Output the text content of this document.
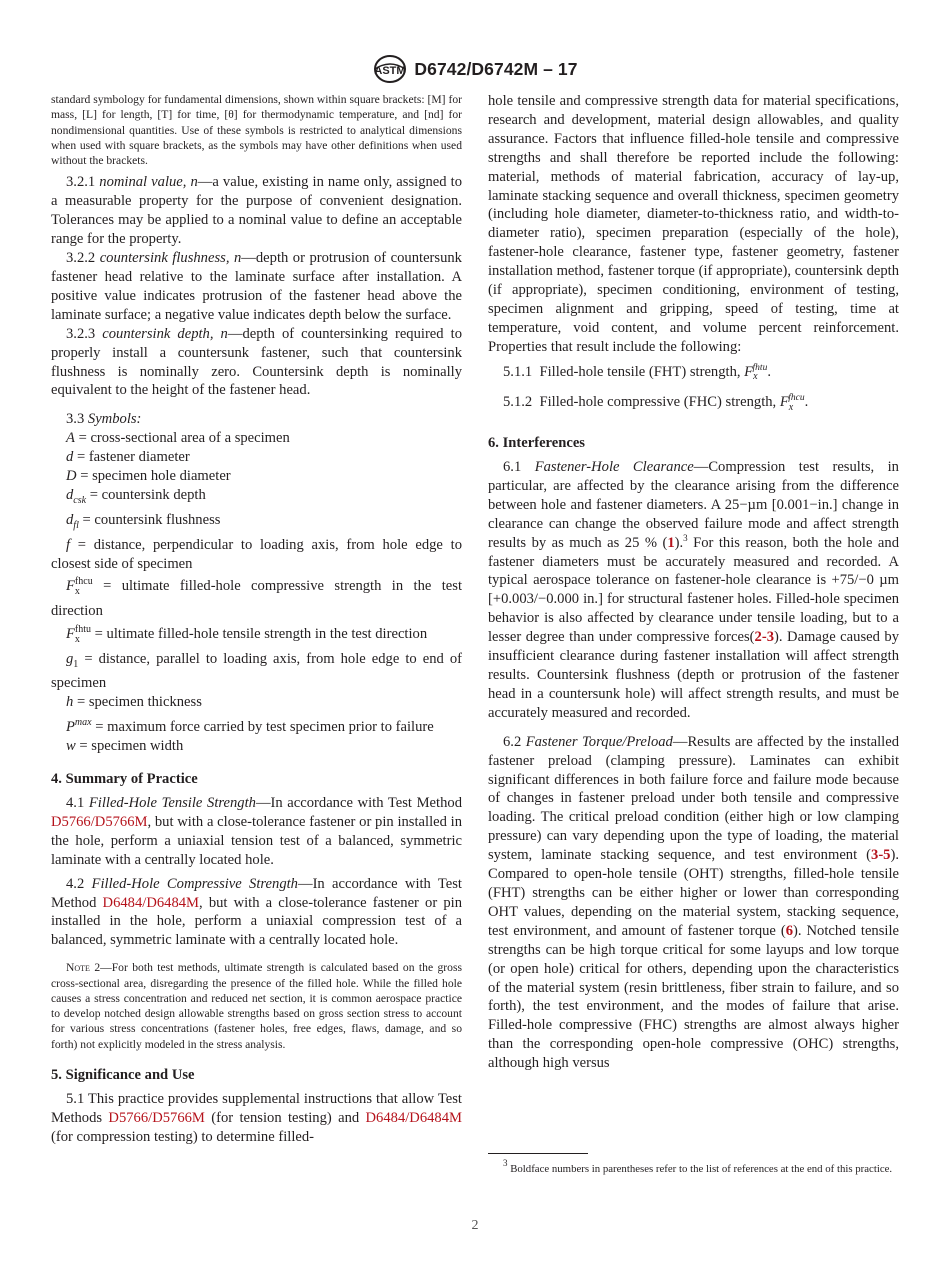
ASTM D6742/D6742M – 17

standard symbology for fundamental dimensions, shown within square brackets: [M] for mass, [L] for length, [T] for time, [θ] for thermodynamic temperature, and [nd] for nondimensional quantities. Use of these symbols is restricted to analytical dimensions when used with square brackets, as the symbols may have other definitions when used without the brackets.

3.2.1 nominal value, n—a value, existing in name only, assigned to a measurable property for the purpose of convenient designation. Tolerances may be applied to a nominal value to define an acceptable range for the property.

3.2.2 countersink flushness, n—depth or protrusion of countersunk fastener head relative to the laminate surface after installation. A positive value indicates protrusion of the fastener head above the laminate surface; a negative value indicates depth below the surface.

3.2.3 countersink depth, n—depth of countersinking required to properly install a countersunk fastener, such that countersink flushness is nominally zero. Countersink depth is nominally equivalent to the height of the fastener head.

3.3 Symbols:

A = cross-sectional area of a specimen

d = fastener diameter

D = specimen hole diameter

$d_{csk}$ = countersink depth

$d_{fl}$ = countersink flushness

f = distance, perpendicular to loading axis, from hole edge to closest side of specimen

$F_x^{fhcu}$ = ultimate filled-hole compressive strength in the test direction

$F_x^{fhtu}$ = ultimate filled-hole tensile strength in the test direction

$g_1$ = distance, parallel to loading axis, from hole edge to end of specimen

h = specimen thickness

$P^{max}$ = maximum force carried by test specimen prior to failure

w = specimen width

4. Summary of Practice

4.1 Filled-Hole Tensile Strength—In accordance with Test Method D5766/D5766M, but with a close-tolerance fastener or pin installed in the hole, perform a uniaxial tension test of a balanced, symmetric laminate with a centrally located hole.

4.2 Filled-Hole Compressive Strength—In accordance with Test Method D6484/D6484M, but with a close-tolerance fastener or pin installed in the hole, perform a uniaxial compression test of a balanced, symmetric laminate with a centrally located hole.

Note 2—For both test methods, ultimate strength is calculated based on the gross cross-sectional area, disregarding the presence of the filled hole. While the filled hole causes a stress concentration and reduced net section, it is common aerospace practice to develop notched design allowable strengths based on gross section stress to account for various stress concentrations (fastener holes, free edges, flaws, damage, and so forth) not explicitly modeled in the stress analysis.

5. Significance and Use

5.1 This practice provides supplemental instructions that allow Test Methods D5766/D5766M (for tension testing) and D6484/D6484M (for compression testing) to determine filled-

hole tensile and compressive strength data for material specifications, research and development, material design allowables, and quality assurance. Factors that influence filled-hole tensile and compressive strengths and shall therefore be reported include the following: material, methods of material fabrication, accuracy of lay-up, laminate stacking sequence and overall thickness, specimen geometry (including hole diameter, diameter-to-thickness ratio, and width-to-diameter ratio), specimen preparation (especially of the hole), fastener-hole clearance, fastener type, fastener geometry, fastener installation method, fastener torque (if appropriate), countersink depth (if appropriate), specimen conditioning, environment of testing, specimen alignment and gripping, speed of testing, time at temperature, void content, and volume percent reinforcement. Properties that result include the following:

5.1.1 Filled-hole tensile (FHT) strength, $F_x^{fhtu}$.

5.1.2 Filled-hole compressive (FHC) strength, $F_x^{fhcu}$.

6. Interferences

6.1 Fastener-Hole Clearance—Compression test results, in particular, are affected by the clearance arising from the difference between hole and fastener diameters. A 25−µm [0.001−in.] change in clearance can change the observed failure mode and affect strength results by as much as 25 % (1).$^3$ For this reason, both the hole and fastener diameters must be accurately measured and recorded. A typical aerospace tolerance on fastener-hole clearance is +75/−0 µm [+0.003/−0.000 in.] for structural fastener holes. Filled-hole specimen behavior is also affected by clearance under tensile loading, but to a lesser degree than under compressive forces(2-3). Damage caused by insufficient clearance during fastener installation will affect strength results. Countersink flushness (depth or protrusion of the fastener head in a countersunk hole) will affect strength results, and must be accurately measured and recorded.

6.2 Fastener Torque/Preload—Results are affected by the installed fastener preload (clamping pressure). Laminates can exhibit significant differences in both failure force and failure mode because of changes in fastener preload under both tensile and compressive loading. The critical preload condition (either high or low clamping pressure) can vary depending upon the type of loading, the material system, laminate stacking sequence, and test environment (3-5). Compared to open-hole tensile (OHT) strengths, filled-hole tensile (FHT) strengths can be either higher or lower than corresponding OHT values, depending on the material system, stacking sequence, test environment, and amount of fastener torque (6). Notched tensile strengths can be high torque critical for some layups and low torque (or open hole) critical for others, depending upon the characteristics of the material system (resin brittleness, fiber strain to failure, and so forth), the test environment, and the modes of failure that arise. Filled-hole compressive (FHC) strengths are almost always higher than the corresponding open-hole compressive (OHC) strengths, although high versus

$^3$ Boldface numbers in parentheses refer to the list of references at the end of this practice.

2
